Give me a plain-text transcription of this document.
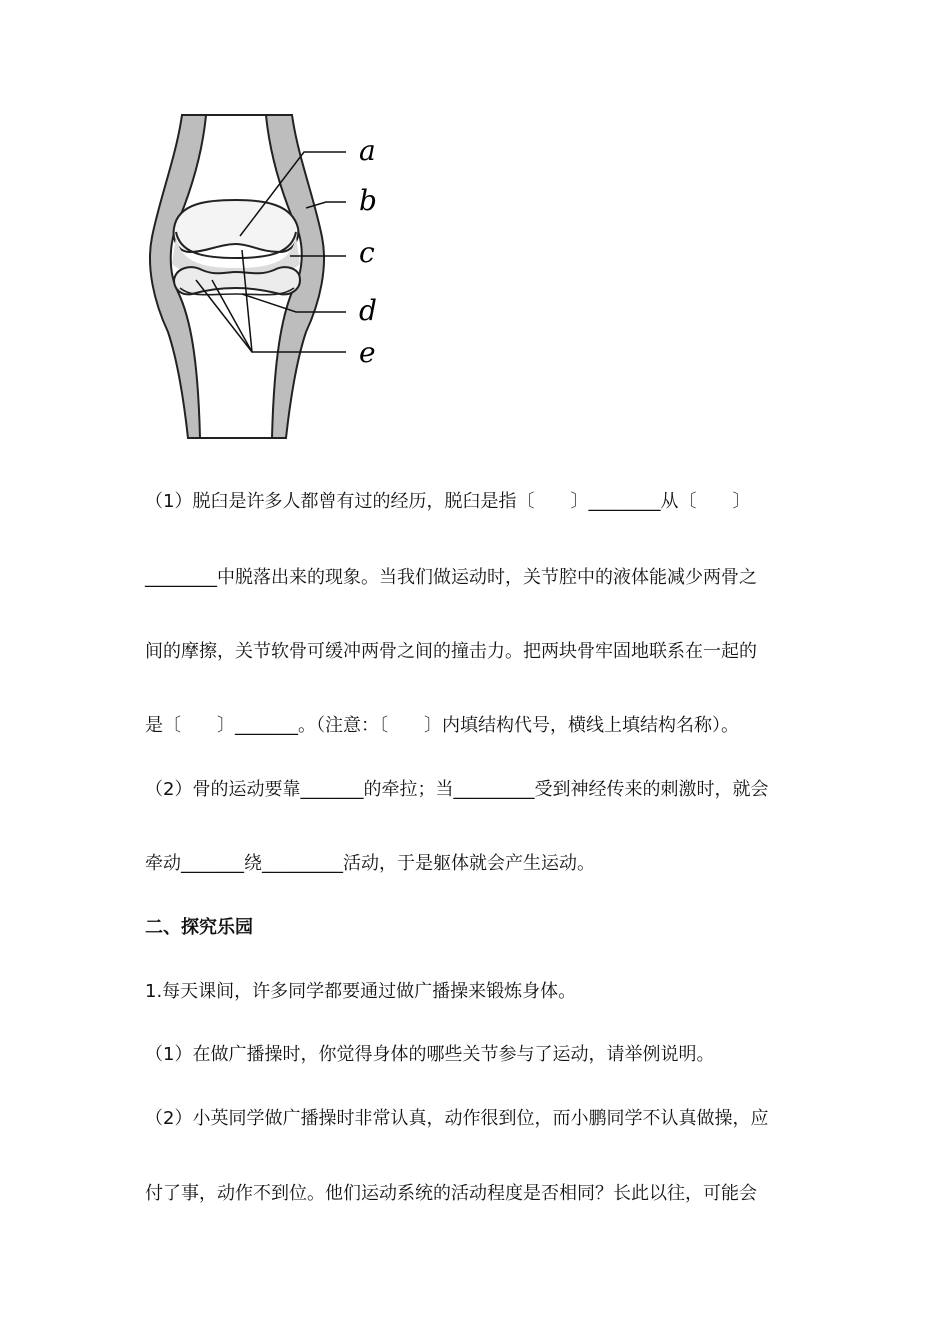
a
b
c
d
e
（1）脱臼是许多人都曾有过的经历，脱臼是指〔　　〕________从〔　　〕
________中脱落出来的现象。当我们做运动时，关节腔中的液体能减少两骨之
间的摩擦，关节软骨可缓冲两骨之间的撞击力。把两块骨牢固地联系在一起的
是〔　　〕_______。（注意：〔　　〕内填结构代号，横线上填结构名称）。
（2）骨的运动要靠_______的牵拉；当_________受到神经传来的刺激时，就会
牵动_______绕_________活动，于是躯体就会产生运动。
二、探究乐园
1.每天课间，许多同学都要通过做广播操来锻炼身体。
（1）在做广播操时，你觉得身体的哪些关节参与了运动，请举例说明。
（2）小英同学做广播操时非常认真，动作很到位，而小鹏同学不认真做操，应
付了事，动作不到位。他们运动系统的活动程度是否相同？长此以往，可能会
